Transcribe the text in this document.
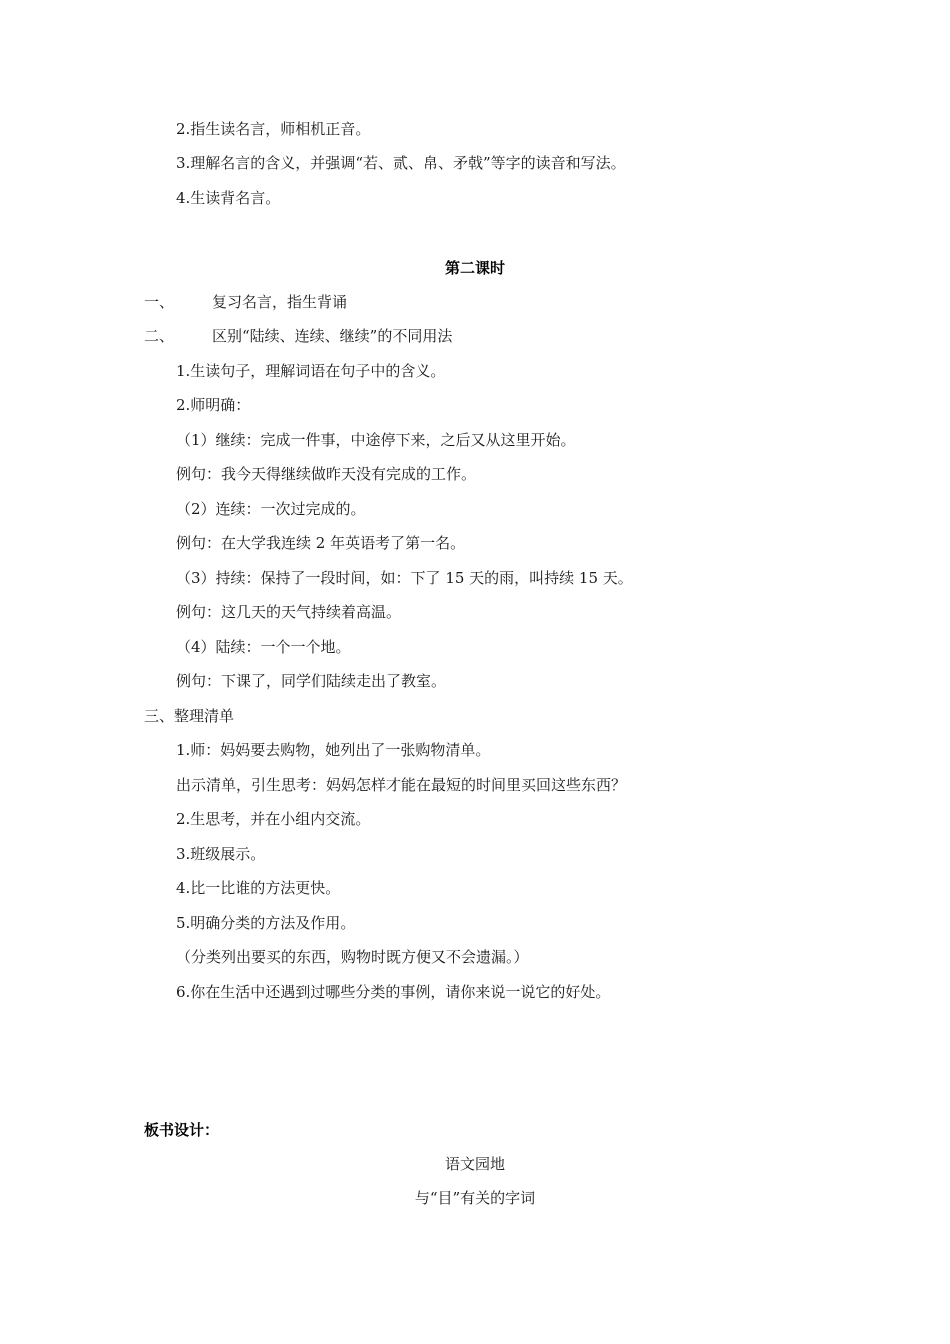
2.指生读名言，师相机正音。
3.理解名言的含义，并强调“若、贰、帛、矛戟”等字的读音和写法。
4.生读背名言。
第二课时
一、	复习名言，指生背诵
二、	区别“陆续、连续、继续”的不同用法
1.生读句子，理解词语在句子中的含义。
2.师明确：
（1）继续：完成一件事，中途停下来，之后又从这里开始。
例句：我今天得继续做昨天没有完成的工作。
（2）连续：一次过完成的。
例句：在大学我连续 2 年英语考了第一名。
（3）持续：保持了一段时间，如：下了 15 天的雨，叫持续 15 天。
例句：这几天的天气持续着高温。
（4）陆续：一个一个地。
例句：下课了，同学们陆续走出了教室。
三、整理清单
1.师：妈妈要去购物，她列出了一张购物清单。
出示清单，引生思考：妈妈怎样才能在最短的时间里买回这些东西？
2.生思考，并在小组内交流。
3.班级展示。
4.比一比谁的方法更快。
5.明确分类的方法及作用。
（分类列出要买的东西，购物时既方便又不会遗漏。）
6.你在生活中还遇到过哪些分类的事例，请你来说一说它的好处。
板书设计：
语文园地
与“目”有关的字词
